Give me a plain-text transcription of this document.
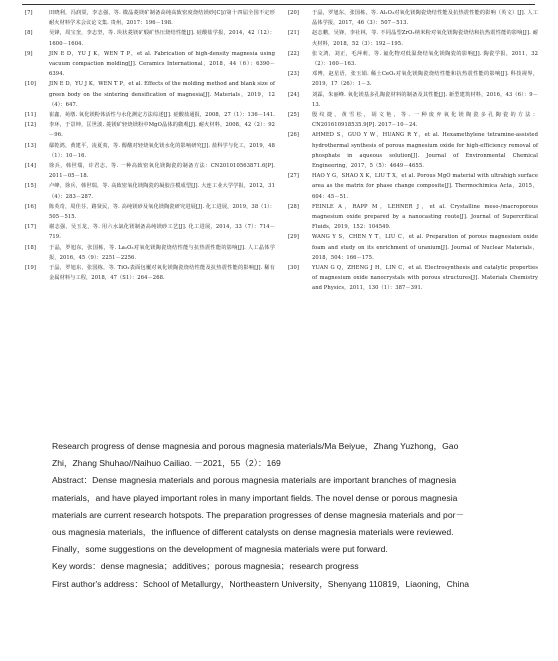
[7]	田晓利，冯润棠，李志强，等. 微晶菱镁矿制备高纯高致密度烧结镁砂[C]//第十四届全国不定形耐火材料学术会议论文集. 贵州，2017：196－198.
[8]	吴锋，周宝奎，李志坚，等. 块状菱镁矿煅矿热压烧结性能[J]. 硅酸盐学报，2014，42（12）：1600－1604.
[9]	JIN E D，YU J K，WEN T P，et al. Fabrication of high-density magnesia using vacuum compaction molding[J]. Ceramics International，2018，44（6）：6390－6394.
[10]	JIN E D，YU J K，WEN T P，et al. Effects of the molding method and blank size of green body on the sintering densification of magnesia[J]. Materials，2019，12（4）：647.
[11]	崔鑫，苑墩. 氧化镁粉体活性与水化测定方法综述[J]. 硅酸盐通报，2008，27（1）：136－141.
[12]	李环，于景坤，匡世波. 菱镁矿轻烧镁粉中MgO晶体的微观[J]. 耐火材料，2008，42（2）：92－96.
[13]	鄢乾鸿，黄建平，凌夏夷，等. 醇酸对轻烧氧化镁水化的影响研究[J]. 盐科学与化工，2019，48（1）：10－16.
[14]	徐兵，韩世瑞，许君志，等. 一种高致密氧化镁陶瓷的制备方法：CN201010563871.6[P]. 2011－05－18.
[15]	卢峰，徐兵，韩世瑞，等. 高致密氧化镁陶瓷的凝胶注模成型[J]. 大连工业大学学报，2012，31（4）：283－287.
[16]	陈英奇，周佳芬，路贤民，等. 高纯镁砂及氧化镁陶瓷研究进展[J]. 化工进展，2019，38（1）：505－515.
[17]	谢志强，吴玉龙，等. 用六水氯化镁制备高纯镁砂工艺[J]. 化工进展，2014，33（7）：714－719.
[18]	于晶，罗旭东，张国栋，等. La₂O₃对氧化镁陶瓷烧结性能与抗热震性能的影响[J]. 人工晶体学报，2016，45（9）：2251－2256.
[19]	于晶，罗旭东，张国栋，等. TiO₂表面包覆对氧化镁陶瓷烧结性能及抗热震性能的影响[J]. 稀有金属材料与工程，2018，47（S1）：264－268.
[20]	于晶，罗旭东，张国栋，等. Al₂O₃对氧化镁陶瓷烧结性能及抗热震性能的影响（英文）[J]. 人工晶体学报，2017，46（3）：507－513.
[21]	赵志鹏，吴锋，李社林，等. 不同晶型ZrO₂纳米粉对氧化镁陶瓷烧结和抗热震性能的影响[J]. 耐火材料，2018，52（3）：192－195.
[22]	张文鸿，刘正，毛萍莉，等. 氟化物对低温烧结氧化镁陶瓷的影响[J]. 陶瓷学报，2011，32（2）：160－163.
[23]	邓博，赵星语，张玉娟. 稀土CeO₂对氧化镁陶瓷烧结性能和抗热震性能的影响[J]. 科技视界，2019，17（26）：1－3.
[24]	刘霖，朱丽峰. 氧化镁基多孔陶瓷材料的制备及其性能[J]. 新型建筑材料，2016，43（6）：9－13.
[25]	殷纹捷，黄雪松，胡文艳，等. 一种废弃氧化镁陶瓷多孔陶瓷的方法：CN201610918535.9[P]. 2017－10－24.
[26]	AHMED S，GUO Y W，HUANG R Y，et al. Hexamethylene tetramine-assisted hydrothermal synthesis of porous magnesium oxide for high-efficiency removal of phosphate in aqueous solution[J]. Journal of Environmental Chemical Engineering，2017，5（5）：4649－4655.
[27]	HAO Y G，SHAO X K，LIU T X，et al. Porous MgO material with ultrahigh surface area as the matrix for phase change composite[J]. Thermochimica Acta，2015，604：45－51.
[28]	FEINLE A，RAPP M，LEHNER J，et al. Crystalline meso-/macroporous magnesium oxide prepared by a nanocasting route[J]. Journal of Supercritical Fluids，2019，152：104549.
[29]	WANG Y S，CHEN Y T，LIU C，et al. Preparation of porous magnesium oxide foam and study on its enrichment of uranium[J]. Journal of Nuclear Materials，2018，504：166－175.
[30]	YUAN G Q，ZHENG J H，LIN C，et al. Electrosynthesis and catalytic properties of magnesium oxide nanocrystals with porous structures[J]. Materials Chemistry and Physics，2011，130（1）：387－391.

Research progress of dense magnesia and porous magnesia materials/Ma Beiyue，Zhang Yuzhong，Gao

Zhi，Zhang Shuhao//Naihuo Cailiao. －2021，55（2）：169

Abstract：Dense magnesia materials and porous magnesia materials are important branches of magnesia

materials，and have played important roles in many important fields. The novel dense or porous magnesia

materials are current research hotspots. The preparation progresses of dense magnesia materials and por－

ous magnesia materials，the influence of different catalysts on dense magnesia materials were reviewed.

Finally，some suggestions on the development of magnesia materials were put forward.

Key words：dense magnesia；additives；porous magnesia；research progress

First author's address：School of Metallurgy，Northeastern University，Shenyang 110819，Liaoning，China
